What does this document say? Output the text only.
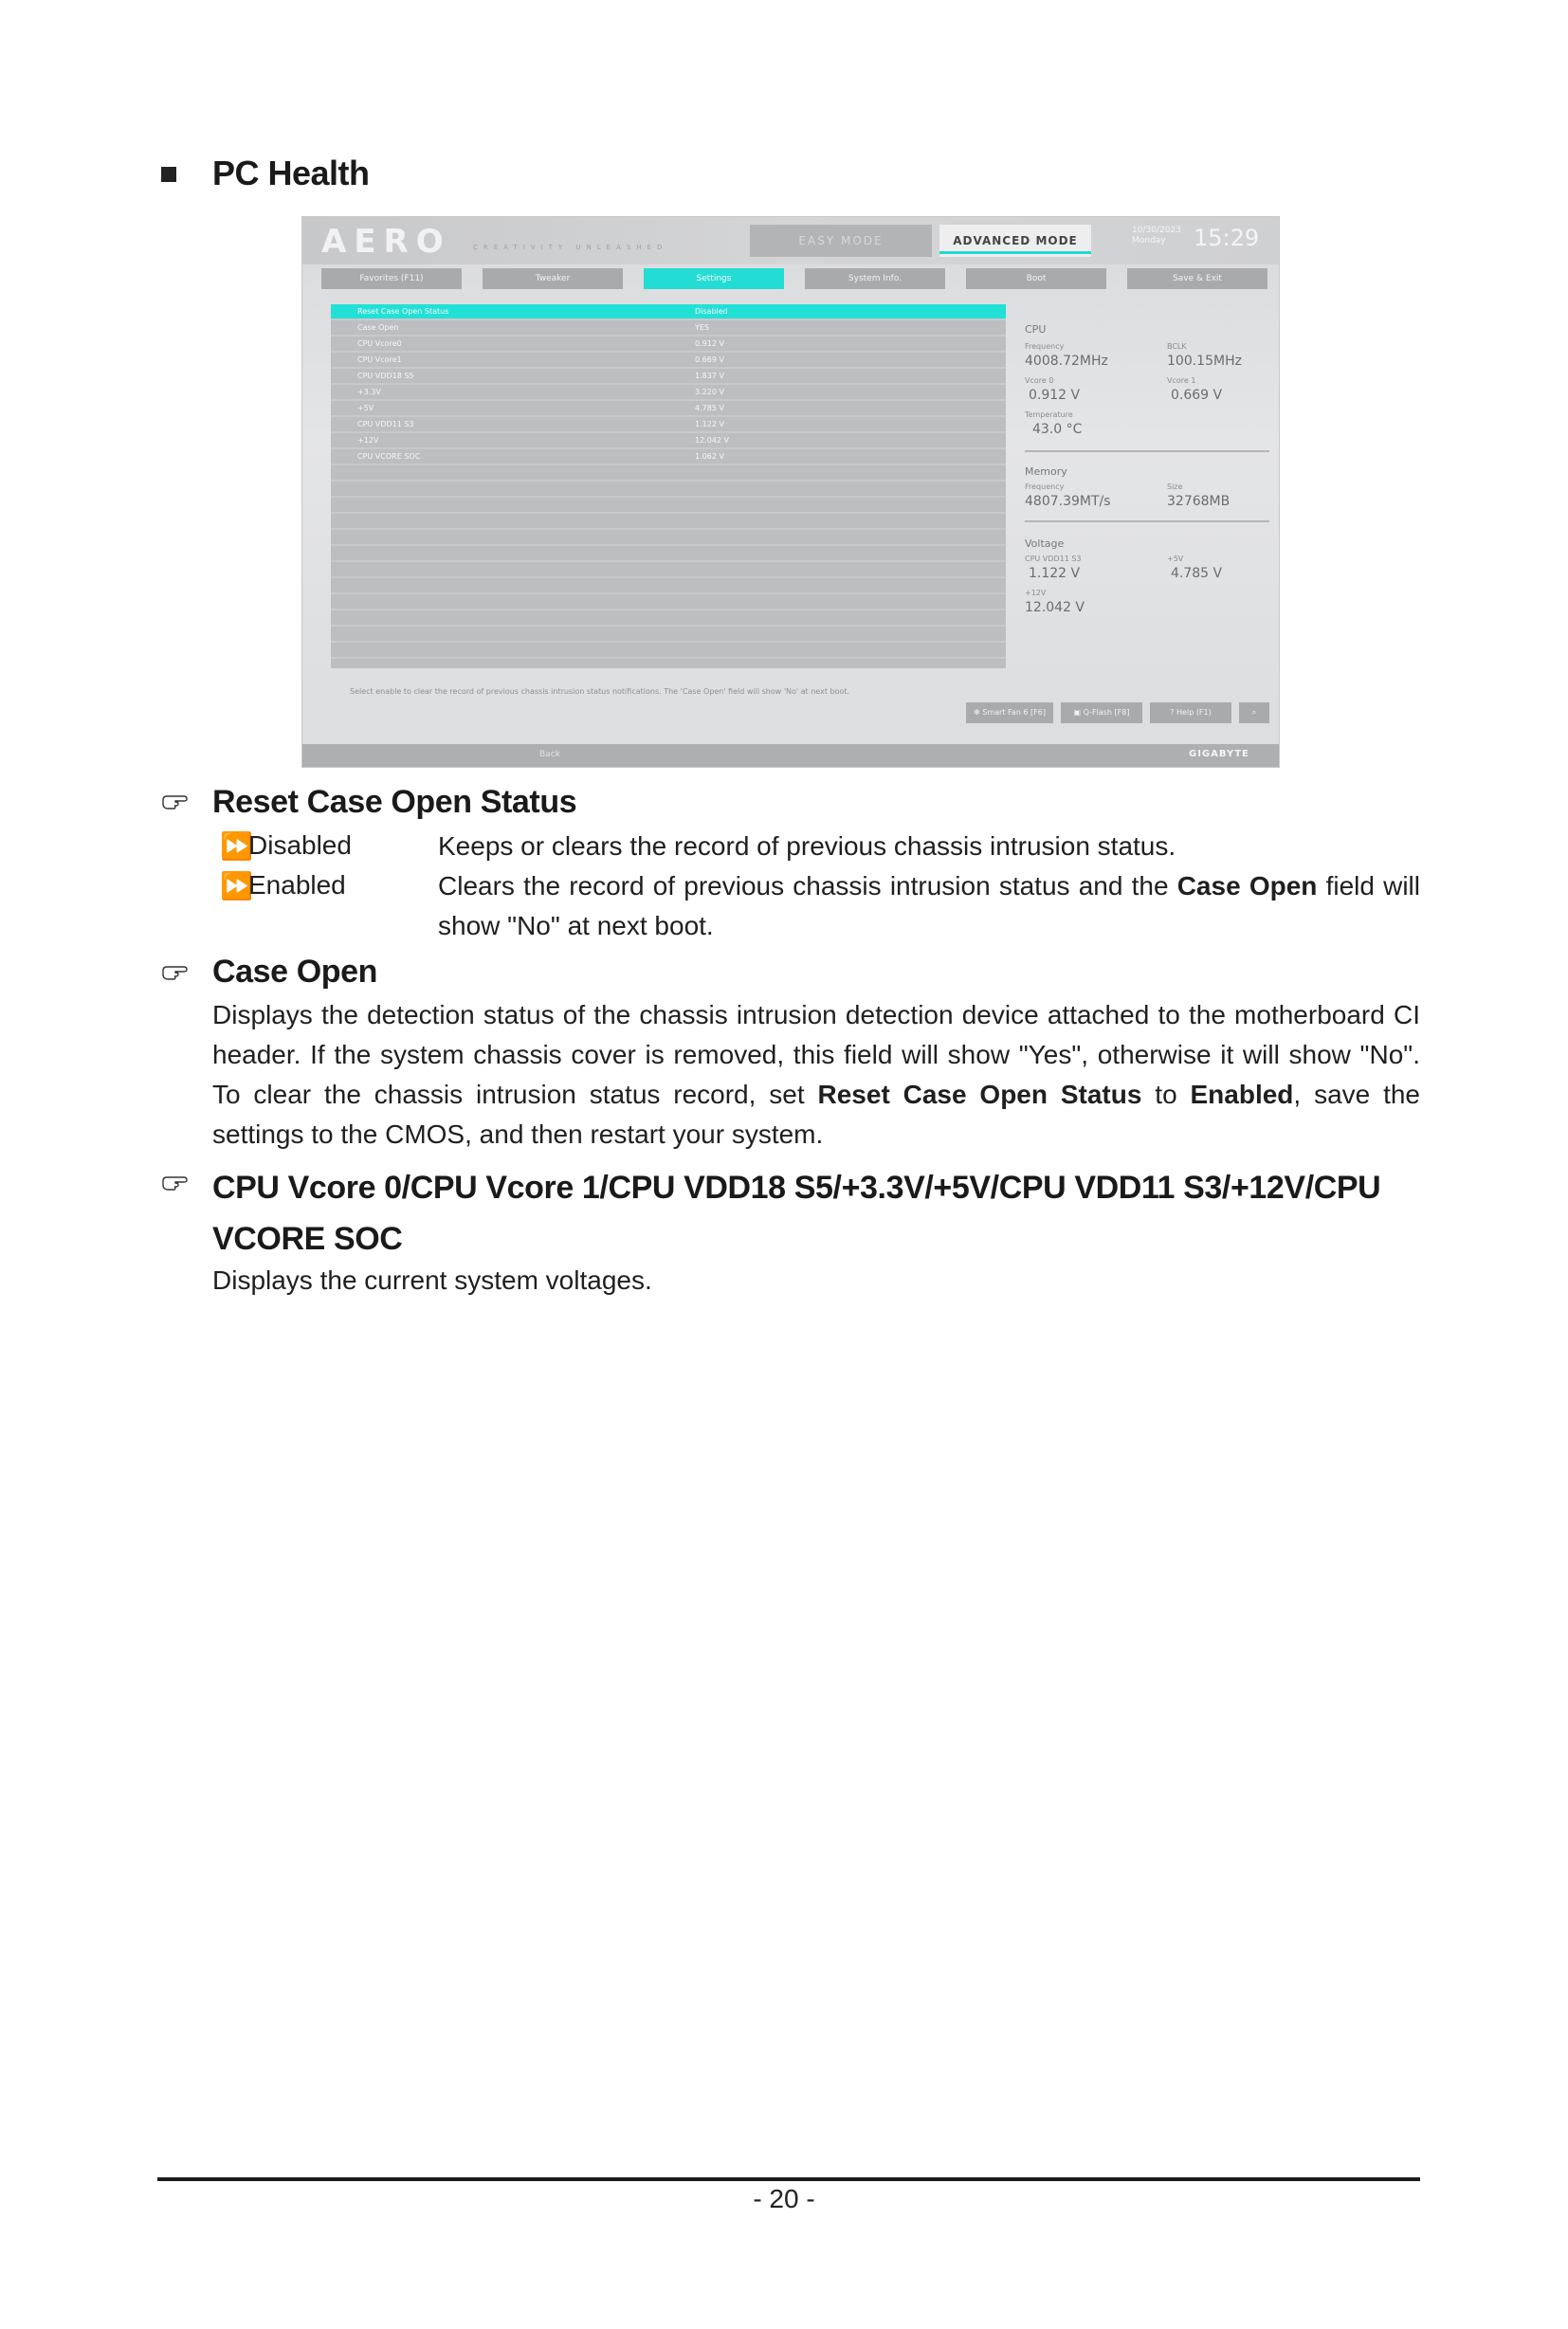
PC Health
AERO	CREATIVITY UNLEASHED	EASY MODE	ADVANCED MODE
10/30/2023
Monday	15:29
Favorites (F11)	Tweaker	Settings	System Info.	Boot	Save & Exit
Reset Case Open Status	Disabled
Case Open	YES
CPU Vcore0	0.912 V
CPU Vcore1	0.669 V
CPU VDD18 S5	1.837 V
+3.3V	3.220 V
+5V	4.785 V
CPU VDD11 S3	1.122 V
+12V	12.042 V
CPU VCORE SOC	1.062 V
CPU
Frequency
4008.72MHz
BCLK
100.15MHz
Vcore 0
0.912 V
Vcore 1
0.669 V
Temperature
43.0 °C
Memory
Frequency
4807.39MT/s
Size
32768MB
Voltage
CPU VDD11 S3
1.122 V
+5V
4.785 V
+12V
12.042 V
Select enable to clear the record of previous chassis intrusion status notifications. The 'Case Open' field will show 'No' at next boot.
✻ Smart Fan 6 [F6]	▣ Q-Flash [F8]	? Help (F1)	⌕
Back	GIGABYTE
Reset Case Open Status
⏩
Disabled	Keeps or clears the record of previous chassis intrusion status.
⏩
Enabled	Clears the record of previous chassis intrusion status and the Case Open field will show "No" at next boot.
Case Open
Displays the detection status of the chassis intrusion detection device attached to the motherboard CI header. If the system chassis cover is removed, this field will show "Yes", otherwise it will show "No". To clear the chassis intrusion status record, set Reset Case Open Status to Enabled, save the settings to the CMOS, and then restart your system.
CPU Vcore 0/CPU Vcore 1/CPU VDD18 S5/+3.3V/+5V/CPU VDD11 S3/+12V/CPU VCORE SOC
Displays the current system voltages.
- 20 -
